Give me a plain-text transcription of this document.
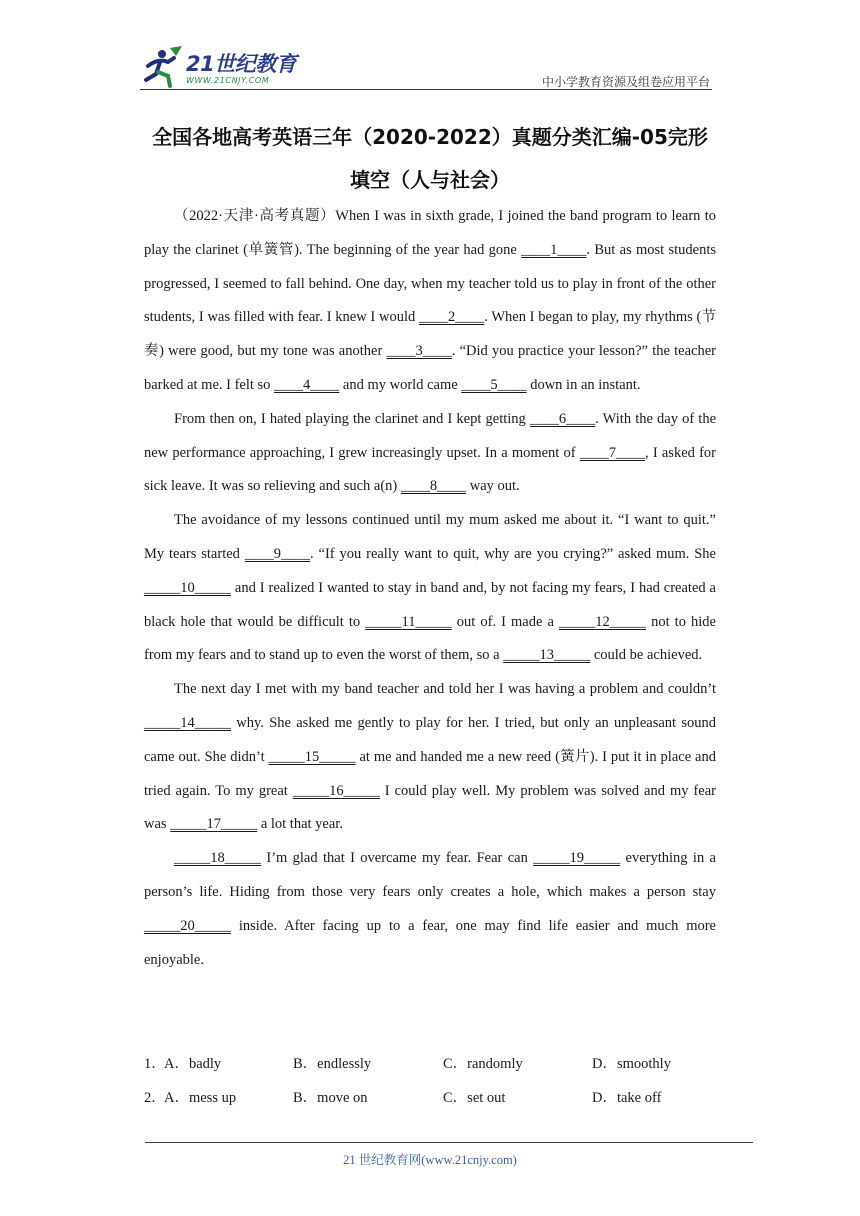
21世纪教育
WWW.21CNJY.COM	中小学教育资源及组卷应用平台
全国各地高考英语三年（2020-2022）真题分类汇编-05完形
填空（人与社会）

（2022·天津·高考真题）When I was in sixth grade, I joined the band program to learn to play the clarinet (单簧管). The beginning of the year had gone ____1____. But as most students progressed, I seemed to fall behind. One day, when my teacher told us to play in front of the other students, I was filled with fear. I knew I would ____2____. When I began to play, my rhythms (节奏) were good, but my tone was another ____3____. “Did you practice your lesson?” the teacher barked at me. I felt so ____4____ and my world came ____5____ down in an instant.

From then on, I hated playing the clarinet and I kept getting ____6____. With the day of the new performance approaching, I grew increasingly upset. In a moment of ____7____, I asked for sick leave. It was so relieving and such a(n) ____8____ way out.

The avoidance of my lessons continued until my mum asked me about it. “I want to quit.” My tears started ____9____. “If you really want to quit, why are you crying?” asked mum. She _____10_____ and I realized I wanted to stay in band and, by not facing my fears, I had created a black hole that would be difficult to _____11_____ out of. I made a _____12_____ not to hide from my fears and to stand up to even the worst of them, so a _____13_____ could be achieved.

The next day I met with my band teacher and told her I was having a problem and couldn’t _____14_____ why. She asked me gently to play for her. I tried, but only an unpleasant sound came out. She didn’t _____15_____ at me and handed me a new reed (簧片). I put it in place and tried again. To my great _____16_____ I could play well. My problem was solved and my fear was _____17_____ a lot that year.

_____18_____ I’m glad that I overcame my fear. Fear can _____19_____ everything in a person’s life. Hiding from those very fears only creates a hole, which makes a person stay _____20_____ inside. After facing up to a fear, one may find life easier and much more enjoyable.

1．
A．badly	B．endlessly	C．randomly	D．smoothly
2．
A．mess up	B．move on	C．set out	D．take off
21 世纪教育网(www.21cnjy.com)
